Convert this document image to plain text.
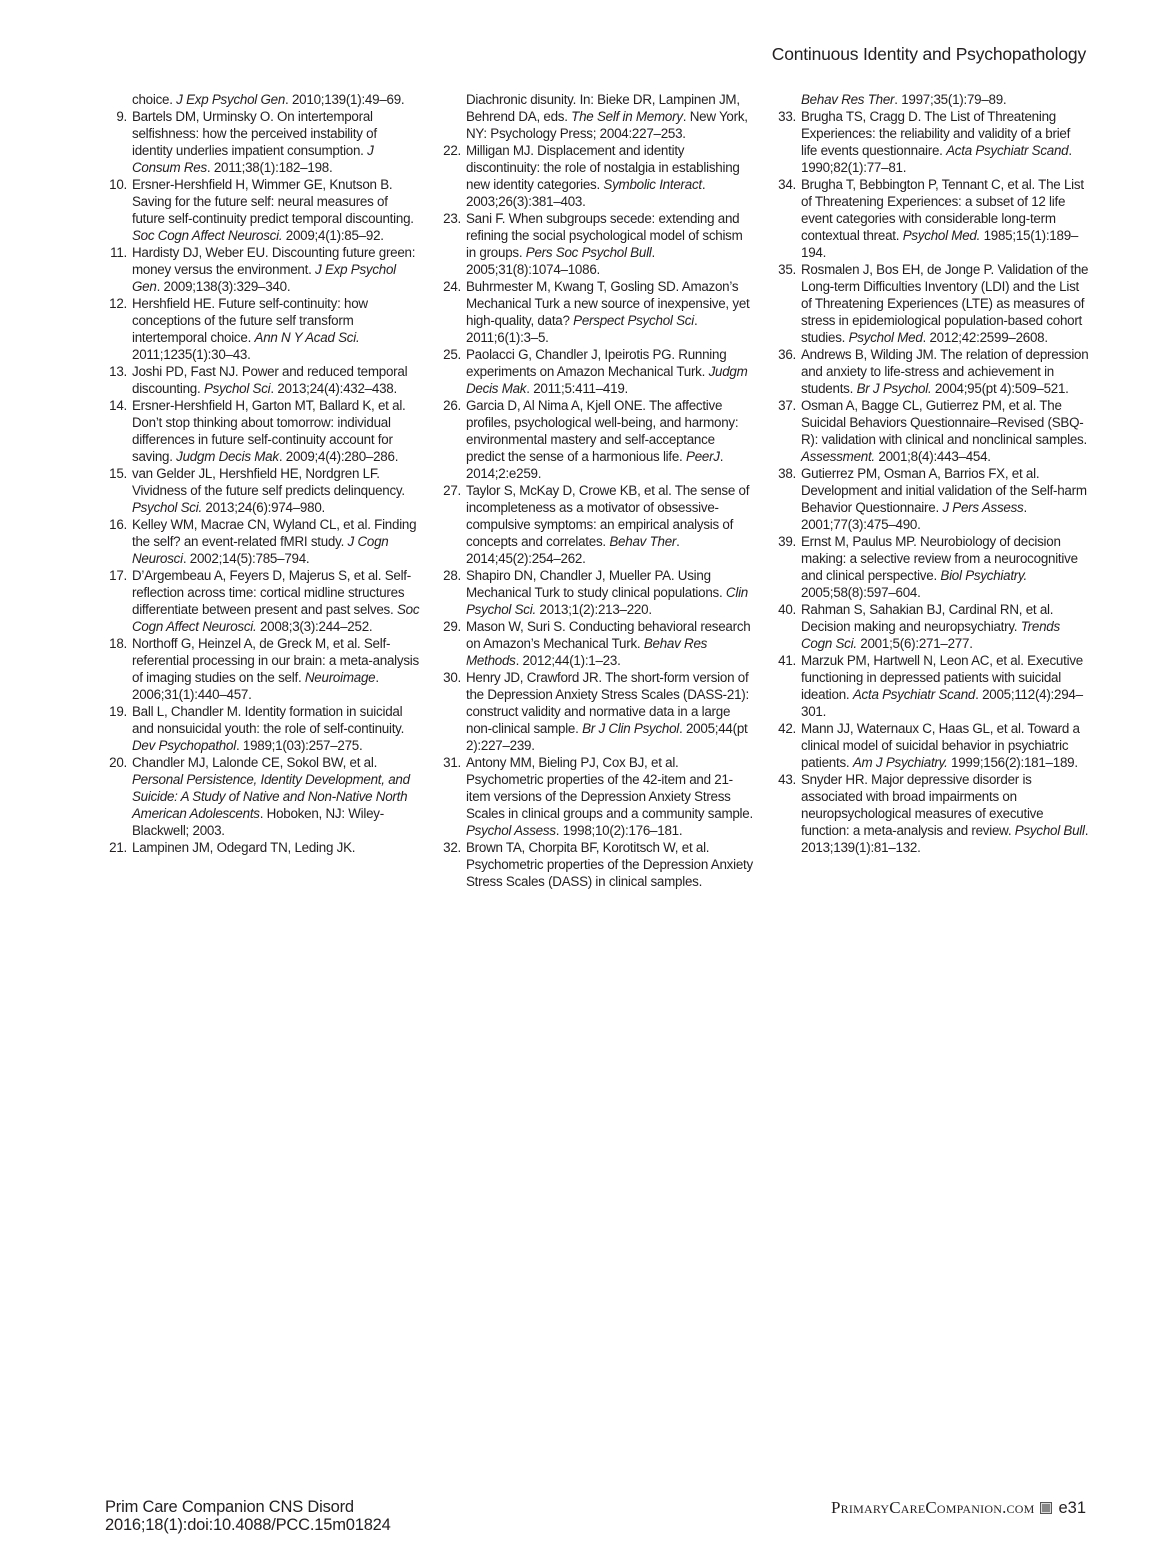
Continuous Identity and Psychopathology
choice. J Exp Psychol Gen. 2010;139(1):49–69.
9. Bartels DM, Urminsky O. On intertemporal selfishness: how the perceived instability of identity underlies impatient consumption. J Consum Res. 2011;38(1):182–198.
10. Ersner-Hershfield H, Wimmer GE, Knutson B. Saving for the future self: neural measures of future self-continuity predict temporal discounting. Soc Cogn Affect Neurosci. 2009;4(1):85–92.
11. Hardisty DJ, Weber EU. Discounting future green: money versus the environment. J Exp Psychol Gen. 2009;138(3):329–340.
12. Hershfield HE. Future self-continuity: how conceptions of the future self transform intertemporal choice. Ann N Y Acad Sci. 2011;1235(1):30–43.
13. Joshi PD, Fast NJ. Power and reduced temporal discounting. Psychol Sci. 2013;24(4):432–438.
14. Ersner-Hershfield H, Garton MT, Ballard K, et al. Don’t stop thinking about tomorrow: individual differences in future self-continuity account for saving. Judgm Decis Mak. 2009;4(4):280–286.
15. van Gelder JL, Hershfield HE, Nordgren LF. Vividness of the future self predicts delinquency. Psychol Sci. 2013;24(6):974–980.
16. Kelley WM, Macrae CN, Wyland CL, et al. Finding the self? an event-related fMRI study. J Cogn Neurosci. 2002;14(5):785–794.
17. D’Argembeau A, Feyers D, Majerus S, et al. Self-reflection across time: cortical midline structures differentiate between present and past selves. Soc Cogn Affect Neurosci. 2008;3(3):244–252.
18. Northoff G, Heinzel A, de Greck M, et al. Self-referential processing in our brain: a meta-analysis of imaging studies on the self. Neuroimage. 2006;31(1):440–457.
19. Ball L, Chandler M. Identity formation in suicidal and nonsuicidal youth: the role of self-continuity. Dev Psychopathol. 1989;1(03):257–275.
20. Chandler MJ, Lalonde CE, Sokol BW, et al. Personal Persistence, Identity Development, and Suicide: A Study of Native and Non-Native North American Adolescents. Hoboken, NJ: Wiley-Blackwell; 2003.
21. Lampinen JM, Odegard TN, Leding JK.
Diachronic disunity. In: Bieke DR, Lampinen JM, Behrend DA, eds. The Self in Memory. New York, NY: Psychology Press; 2004:227–253.
22. Milligan MJ. Displacement and identity discontinuity: the role of nostalgia in establishing new identity categories. Symbolic Interact. 2003;26(3):381–403.
23. Sani F. When subgroups secede: extending and refining the social psychological model of schism in groups. Pers Soc Psychol Bull. 2005;31(8):1074–1086.
24. Buhrmester M, Kwang T, Gosling SD. Amazon’s Mechanical Turk a new source of inexpensive, yet high-quality, data? Perspect Psychol Sci. 2011;6(1):3–5.
25. Paolacci G, Chandler J, Ipeirotis PG. Running experiments on Amazon Mechanical Turk. Judgm Decis Mak. 2011;5:411–419.
26. Garcia D, Al Nima A, Kjell ONE. The affective profiles, psychological well-being, and harmony: environmental mastery and self-acceptance predict the sense of a harmonious life. PeerJ. 2014;2:e259.
27. Taylor S, McKay D, Crowe KB, et al. The sense of incompleteness as a motivator of obsessive-compulsive symptoms: an empirical analysis of concepts and correlates. Behav Ther. 2014;45(2):254–262.
28. Shapiro DN, Chandler J, Mueller PA. Using Mechanical Turk to study clinical populations. Clin Psychol Sci. 2013;1(2):213–220.
29. Mason W, Suri S. Conducting behavioral research on Amazon’s Mechanical Turk. Behav Res Methods. 2012;44(1):1–23.
30. Henry JD, Crawford JR. The short-form version of the Depression Anxiety Stress Scales (DASS-21): construct validity and normative data in a large non-clinical sample. Br J Clin Psychol. 2005;44(pt 2):227–239.
31. Antony MM, Bieling PJ, Cox BJ, et al. Psychometric properties of the 42-item and 21- item versions of the Depression Anxiety Stress Scales in clinical groups and a community sample. Psychol Assess. 1998;10(2):176–181.
32. Brown TA, Chorpita BF, Korotitsch W, et al. Psychometric properties of the Depression Anxiety Stress Scales (DASS) in clinical samples.
Behav Res Ther. 1997;35(1):79–89.
33. Brugha TS, Cragg D. The List of Threatening Experiences: the reliability and validity of a brief life events questionnaire. Acta Psychiatr Scand. 1990;82(1):77–81.
34. Brugha T, Bebbington P, Tennant C, et al. The List of Threatening Experiences: a subset of 12 life event categories with considerable long-term contextual threat. Psychol Med. 1985;15(1):189–194.
35. Rosmalen J, Bos EH, de Jonge P. Validation of the Long-term Difficulties Inventory (LDI) and the List of Threatening Experiences (LTE) as measures of stress in epidemiological population-based cohort studies. Psychol Med. 2012;42:2599–2608.
36. Andrews B, Wilding JM. The relation of depression and anxiety to life-stress and achievement in students. Br J Psychol. 2004;95(pt 4):509–521.
37. Osman A, Bagge CL, Gutierrez PM, et al. The Suicidal Behaviors Questionnaire–Revised (SBQ-R): validation with clinical and nonclinical samples. Assessment. 2001;8(4):443–454.
38. Gutierrez PM, Osman A, Barrios FX, et al. Development and initial validation of the Self-harm Behavior Questionnaire. J Pers Assess. 2001;77(3):475–490.
39. Ernst M, Paulus MP. Neurobiology of decision making: a selective review from a neurocognitive and clinical perspective. Biol Psychiatry. 2005;58(8):597–604.
40. Rahman S, Sahakian BJ, Cardinal RN, et al. Decision making and neuropsychiatry. Trends Cogn Sci. 2001;5(6):271–277.
41. Marzuk PM, Hartwell N, Leon AC, et al. Executive functioning in depressed patients with suicidal ideation. Acta Psychiatr Scand. 2005;112(4):294–301.
42. Mann JJ, Waternaux C, Haas GL, et al. Toward a clinical model of suicidal behavior in psychiatric patients. Am J Psychiatry. 1999;156(2):181–189.
43. Snyder HR. Major depressive disorder is associated with broad impairments on neuropsychological measures of executive function: a meta-analysis and review. Psychol Bull. 2013;139(1):81–132.
Prim Care Companion CNS Disord
2016;18(1):doi:10.4088/PCC.15m01824
PrimaryCareCompanion.com e31
